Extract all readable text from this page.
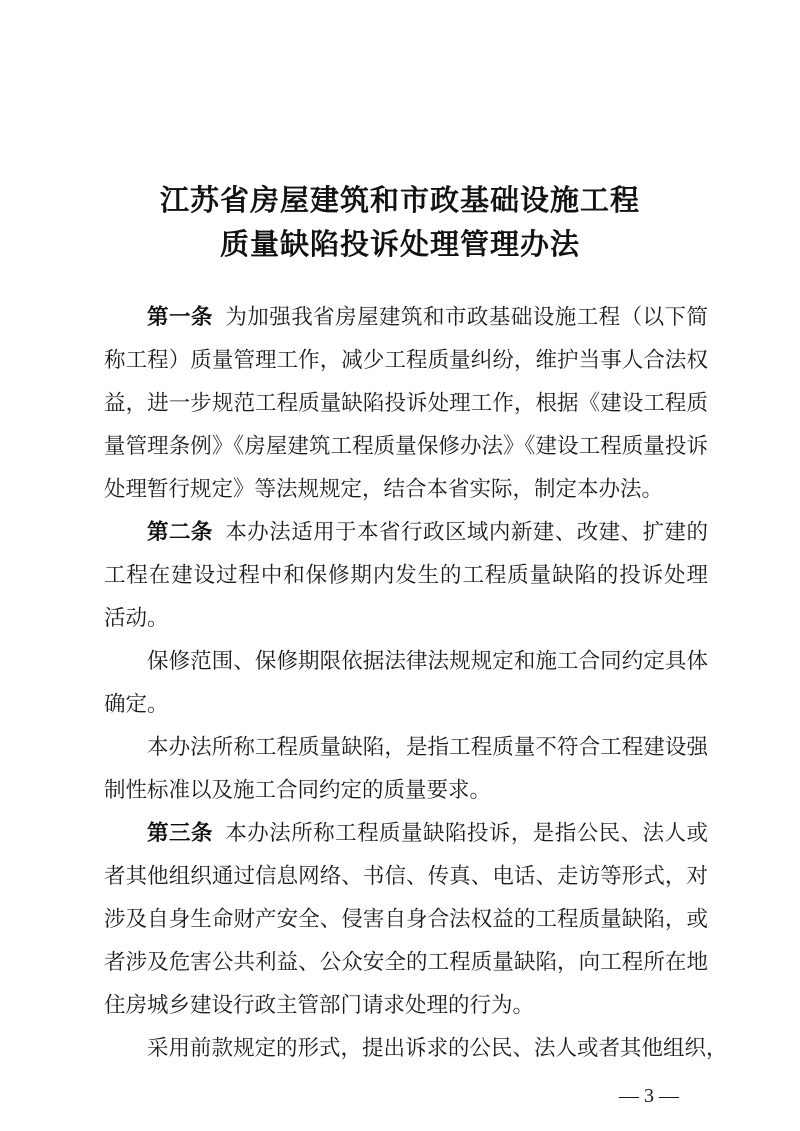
江苏省房屋建筑和市政基础设施工程
质量缺陷投诉处理管理办法
第一条 为加强我省房屋建筑和市政基础设施工程（以下简
称工程）质量管理工作，减少工程质量纠纷，维护当事人合法权
益，进一步规范工程质量缺陷投诉处理工作，根据《建设工程质
量管理条例》《房屋建筑工程质量保修办法》《建设工程质量投诉
处理暂行规定》等法规规定，结合本省实际，制定本办法。
第二条 本办法适用于本省行政区域内新建、改建、扩建的
工程在建设过程中和保修期内发生的工程质量缺陷的投诉处理
活动。
保修范围、保修期限依据法律法规规定和施工合同约定具体
确定。
本办法所称工程质量缺陷，是指工程质量不符合工程建设强
制性标准以及施工合同约定的质量要求。
第三条 本办法所称工程质量缺陷投诉，是指公民、法人或
者其他组织通过信息网络、书信、传真、电话、走访等形式，对
涉及自身生命财产安全、侵害自身合法权益的工程质量缺陷，或
者涉及危害公共利益、公众安全的工程质量缺陷，向工程所在地
住房城乡建设行政主管部门请求处理的行为。
采用前款规定的形式，提出诉求的公民、法人或者其他组织，
— 3 —
